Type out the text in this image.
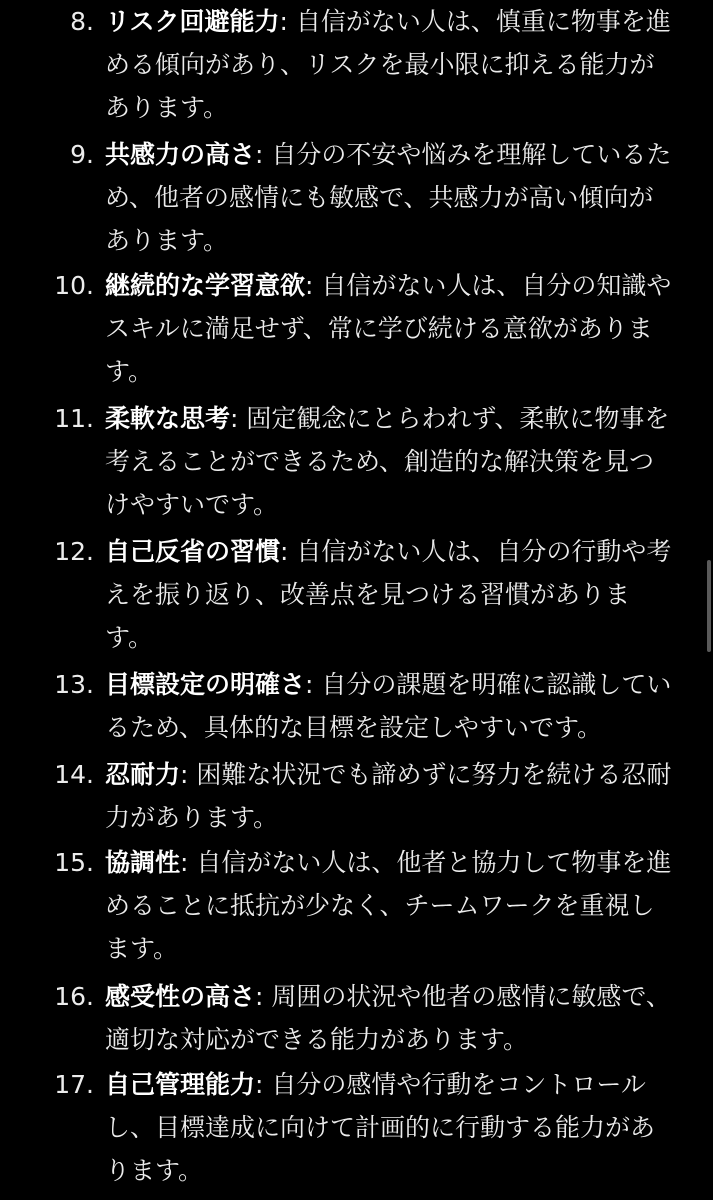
8. リスク回避能力: 自信がない人は、慎重に物事を進
める傾向があり、リスクを最小限に抑える能力が
あります。
9. 共感力の高さ: 自分の不安や悩みを理解しているた
め、他者の感情にも敏感で、共感力が高い傾向が
あります。
10. 継続的な学習意欲: 自信がない人は、自分の知識や
スキルに満足せず、常に学び続ける意欲がありま
す。
11. 柔軟な思考: 固定観念にとらわれず、柔軟に物事を
考えることができるため、創造的な解決策を見つ
けやすいです。
12. 自己反省の習慣: 自信がない人は、自分の行動や考
えを振り返り、改善点を見つける習慣がありま
す。
13. 目標設定の明確さ: 自分の課題を明確に認識してい
るため、具体的な目標を設定しやすいです。
14. 忍耐力: 困難な状況でも諦めずに努力を続ける忍耐
力があります。
15. 協調性: 自信がない人は、他者と協力して物事を進
めることに抵抗が少なく、チームワークを重視し
ます。
16. 感受性の高さ: 周囲の状況や他者の感情に敏感で、
適切な対応ができる能力があります。
17. 自己管理能力: 自分の感情や行動をコントロール
し、目標達成に向けて計画的に行動する能力があ
ります。
